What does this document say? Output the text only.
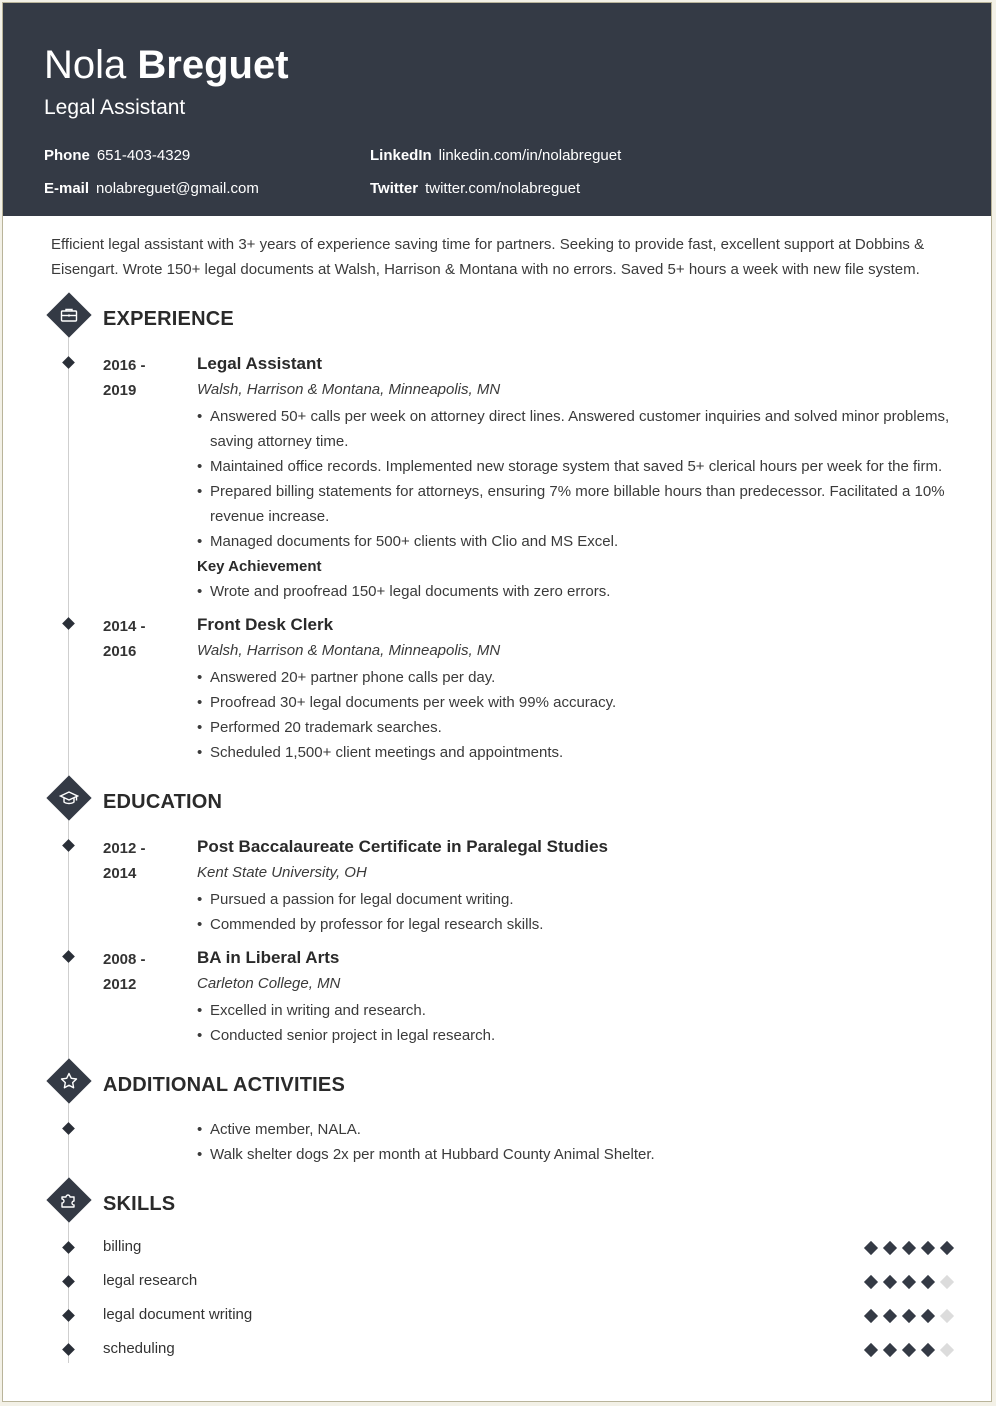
Nola Breguet
Legal Assistant
Phone 651-403-4329
E-mail nolabreguet@gmail.com
LinkedIn linkedin.com/in/nolabreguet
Twitter twitter.com/nolabreguet
Efficient legal assistant with 3+ years of experience saving time for partners. Seeking to provide fast, excellent support at Dobbins & Eisengart. Wrote 150+ legal documents at Walsh, Harrison & Montana with no errors. Saved 5+ hours a week with new file system.
EXPERIENCE
2016 -
2019
Legal Assistant
Walsh, Harrison & Montana, Minneapolis, MN
• Answered 50+ calls per week on attorney direct lines. Answered customer inquiries and solved minor problems, saving attorney time.
• Maintained office records. Implemented new storage system that saved 5+ clerical hours per week for the firm.
• Prepared billing statements for attorneys, ensuring 7% more billable hours than predecessor. Facilitated a 10% revenue increase.
• Managed documents for 500+ clients with Clio and MS Excel.
Key Achievement
• Wrote and proofread 150+ legal documents with zero errors.
2014 -
2016
Front Desk Clerk
Walsh, Harrison & Montana, Minneapolis, MN
• Answered 20+ partner phone calls per day.
• Proofread 30+ legal documents per week with 99% accuracy.
• Performed 20 trademark searches.
• Scheduled 1,500+ client meetings and appointments.
EDUCATION
2012 -
2014
Post Baccalaureate Certificate in Paralegal Studies
Kent State University, OH
• Pursued a passion for legal document writing.
• Commended by professor for legal research skills.
2008 -
2012
BA in Liberal Arts
Carleton College, MN
• Excelled in writing and research.
• Conducted senior project in legal research.
ADDITIONAL ACTIVITIES
• Active member, NALA.
• Walk shelter dogs 2x per month at Hubbard County Animal Shelter.
SKILLS
billing
legal research
legal document writing
scheduling
